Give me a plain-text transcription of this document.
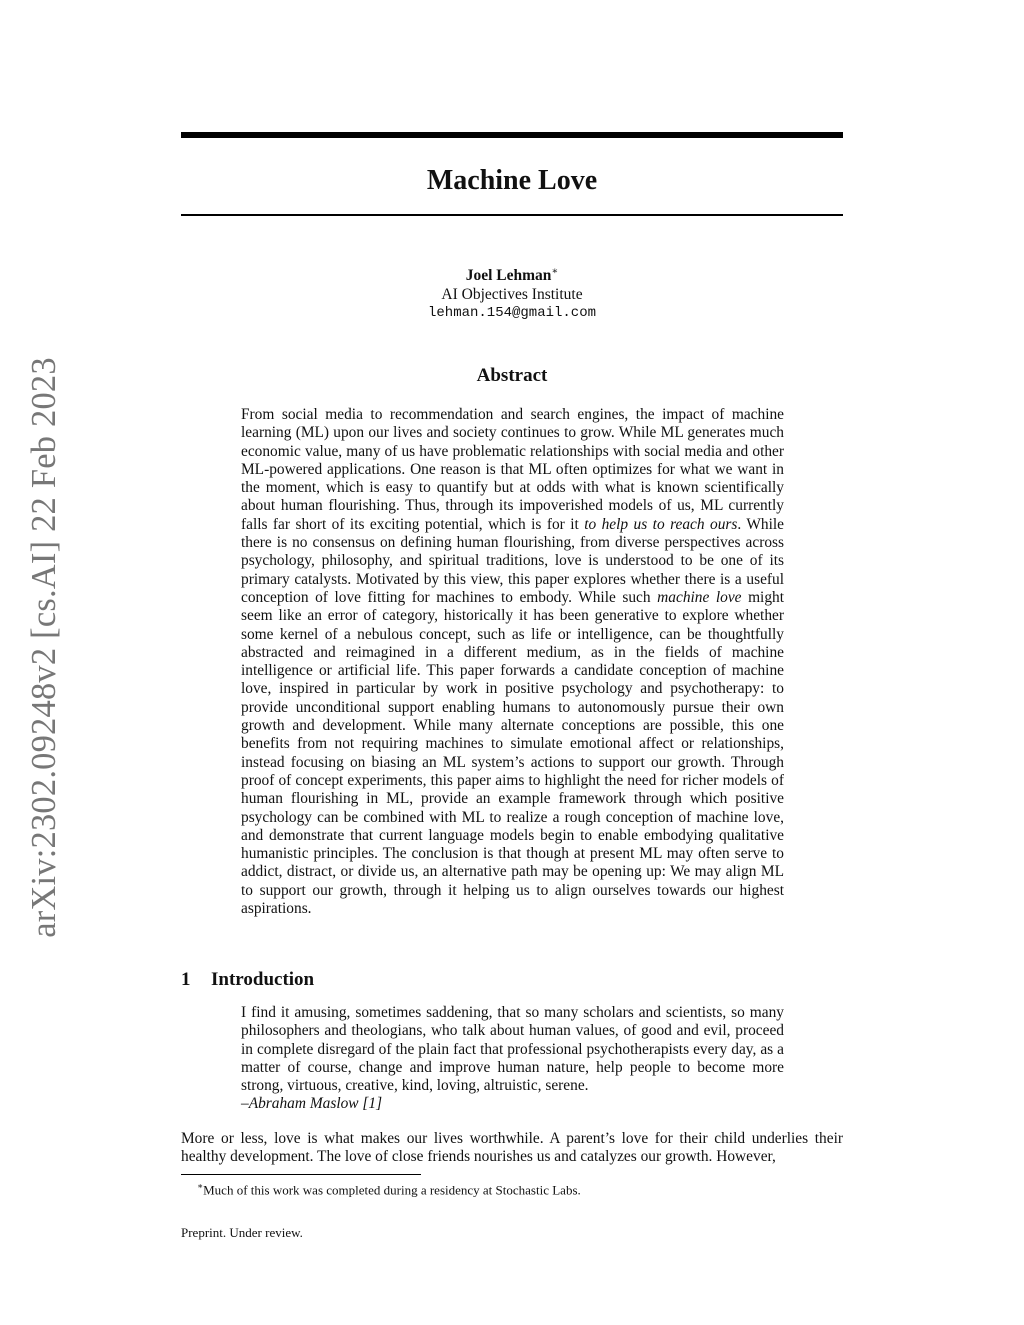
arXiv:2302.09248v2 [cs.AI] 22 Feb 2023
Machine Love
Joel Lehman∗
AI Objectives Institute
lehman.154@gmail.com
Abstract

From social media to recommendation and search engines, the impact of machine learning (ML) upon our lives and society continues to grow. While ML generates much economic value, many of us have problematic relationships with social media and other ML-powered applications. One reason is that ML often optimizes for what we want in the moment, which is easy to quantify but at odds with what is known scientifically about human flourishing. Thus, through its impoverished models of us, ML currently falls far short of its exciting potential, which is for it to help us to reach ours. While there is no consensus on defining human flourishing, from diverse perspectives across psychology, philosophy, and spiritual traditions, love is understood to be one of its primary catalysts. Motivated by this view, this paper explores whether there is a useful conception of love fitting for machines to embody. While such machine love might seem like an error of category, historically it has been generative to explore whether some kernel of a nebulous concept, such as life or intelligence, can be thoughtfully abstracted and reimagined in a different medium, as in the fields of machine intelligence or artificial life. This paper forwards a candidate conception of machine love, inspired in particular by work in positive psychology and psychotherapy: to provide unconditional support enabling humans to autonomously pursue their own growth and development. While many alternate conceptions are possible, this one benefits from not requiring machines to simulate emotional affect or relationships, instead focusing on biasing an ML system’s actions to support our growth. Through proof of concept experiments, this paper aims to highlight the need for richer models of human flourishing in ML, provide an example framework through which positive psychology can be combined with ML to realize a rough conception of machine love, and demonstrate that current language models begin to enable embodying qualitative humanistic principles. The conclusion is that though at present ML may often serve to addict, distract, or divide us, an alternative path may be opening up: We may align ML to support our growth, through it helping us to align ourselves towards our highest aspirations.

1 Introduction

I find it amusing, sometimes saddening, that so many scholars and scientists, so many philosophers and theologians, who talk about human values, of good and evil, proceed in complete disregard of the plain fact that professional psychotherapists every day, as a matter of course, change and improve human nature, help people to become more strong, virtuous, creative, kind, loving, altruistic, serene.
–Abraham Maslow [1]

More or less, love is what makes our lives worthwhile. A parent’s love for their child underlies their healthy development. The love of close friends nourishes us and catalyzes our growth. However,

∗Much of this work was completed during a residency at Stochastic Labs.

Preprint. Under review.
